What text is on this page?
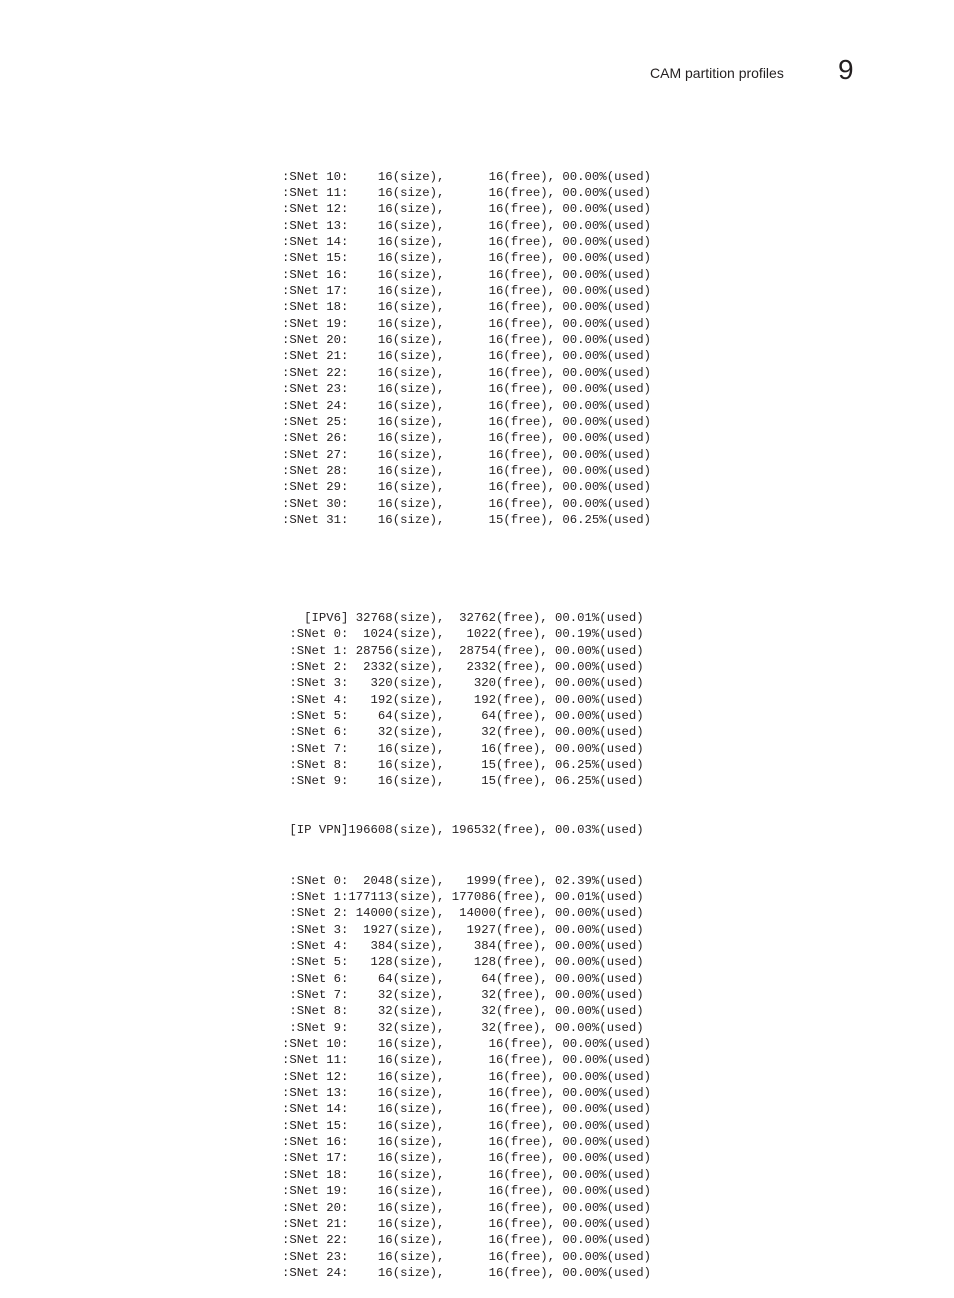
CAM partition profiles 9

:SNet 10:    16(size),      16(free), 00.00%(used)
:SNet 11:    16(size),      16(free), 00.00%(used)
:SNet 12:    16(size),      16(free), 00.00%(used)
:SNet 13:    16(size),      16(free), 00.00%(used)
:SNet 14:    16(size),      16(free), 00.00%(used)
:SNet 15:    16(size),      16(free), 00.00%(used)
:SNet 16:    16(size),      16(free), 00.00%(used)
:SNet 17:    16(size),      16(free), 00.00%(used)
:SNet 18:    16(size),      16(free), 00.00%(used)
:SNet 19:    16(size),      16(free), 00.00%(used)
:SNet 20:    16(size),      16(free), 00.00%(used)
:SNet 21:    16(size),      16(free), 00.00%(used)
:SNet 22:    16(size),      16(free), 00.00%(used)
:SNet 23:    16(size),      16(free), 00.00%(used)
:SNet 24:    16(size),      16(free), 00.00%(used)
:SNet 25:    16(size),      16(free), 00.00%(used)
:SNet 26:    16(size),      16(free), 00.00%(used)
:SNet 27:    16(size),      16(free), 00.00%(used)
:SNet 28:    16(size),      16(free), 00.00%(used)
:SNet 29:    16(size),      16(free), 00.00%(used)
:SNet 30:    16(size),      16(free), 00.00%(used)
:SNet 31:    16(size),      15(free), 06.25%(used)

[IPV6] 32768(size),  32762(free), 00.01%(used)
:SNet 0:  1024(size),   1022(free), 00.19%(used)
:SNet 1: 28756(size),  28754(free), 00.00%(used)
:SNet 2:  2332(size),   2332(free), 00.00%(used)
:SNet 3:   320(size),    320(free), 00.00%(used)
:SNet 4:   192(size),    192(free), 00.00%(used)
:SNet 5:    64(size),     64(free), 00.00%(used)
:SNet 6:    32(size),     32(free), 00.00%(used)
:SNet 7:    16(size),     16(free), 00.00%(used)
:SNet 8:    16(size),     15(free), 06.25%(used)
:SNet 9:    16(size),     15(free), 06.25%(used)

[IP VPN]196608(size), 196532(free), 00.03%(used)

:SNet 0:  2048(size),   1999(free), 02.39%(used)
:SNet 1:177113(size), 177086(free), 00.01%(used)
:SNet 2: 14000(size),  14000(free), 00.00%(used)
:SNet 3:  1927(size),   1927(free), 00.00%(used)
:SNet 4:   384(size),    384(free), 00.00%(used)
:SNet 5:   128(size),    128(free), 00.00%(used)
:SNet 6:    64(size),     64(free), 00.00%(used)
:SNet 7:    32(size),     32(free), 00.00%(used)
:SNet 8:    32(size),     32(free), 00.00%(used)
:SNet 9:    32(size),     32(free), 00.00%(used)
:SNet 10:    16(size),      16(free), 00.00%(used)
:SNet 11:    16(size),      16(free), 00.00%(used)
:SNet 12:    16(size),      16(free), 00.00%(used)
:SNet 13:    16(size),      16(free), 00.00%(used)
:SNet 14:    16(size),      16(free), 00.00%(used)
:SNet 15:    16(size),      16(free), 00.00%(used)
:SNet 16:    16(size),      16(free), 00.00%(used)
:SNet 17:    16(size),      16(free), 00.00%(used)
:SNet 18:    16(size),      16(free), 00.00%(used)
:SNet 19:    16(size),      16(free), 00.00%(used)
:SNet 20:    16(size),      16(free), 00.00%(used)
:SNet 21:    16(size),      16(free), 00.00%(used)
:SNet 22:    16(size),      16(free), 00.00%(used)
:SNet 23:    16(size),      16(free), 00.00%(used)
:SNet 24:    16(size),      16(free), 00.00%(used)
